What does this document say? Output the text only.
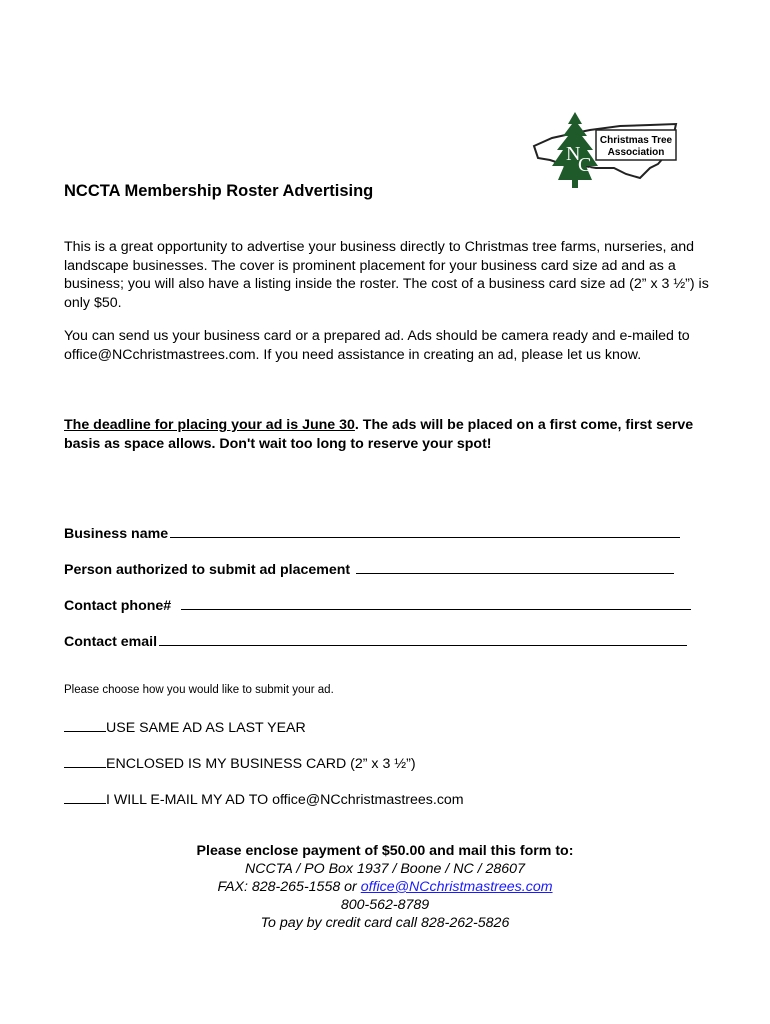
N
C
Christmas Tree
Association
NCCTA Membership Roster Advertising
This is a great opportunity to advertise your business directly to Christmas tree farms, nurseries, and landscape businesses. The cover is prominent placement for your business card size ad and as a business; you will also have a listing inside the roster. The cost of a business card size ad (2” x 3 ½”) is only $50.
You can send us your business card or a prepared ad. Ads should be camera ready and e-mailed to office@NCchristmastrees.com. If you need assistance in creating an ad, please let us know.
The deadline for placing your ad is June 30. The ads will be placed on a first come, first serve basis as space allows. Don't wait too long to reserve your spot!
Business name
Person authorized to submit ad placement
Contact phone#
Contact email
Please choose how you would like to submit your ad.
USE SAME AD AS LAST YEAR
ENCLOSED IS MY BUSINESS CARD (2” x 3 ½”)
I WILL E-MAIL MY AD TO office@NCchristmastrees.com
Please enclose payment of $50.00 and mail this form to:
NCCTA / PO Box 1937 / Boone / NC / 28607
FAX: 828-265-1558 or office@NCchristmastrees.com
800-562-8789
To pay by credit card call 828-262-5826
